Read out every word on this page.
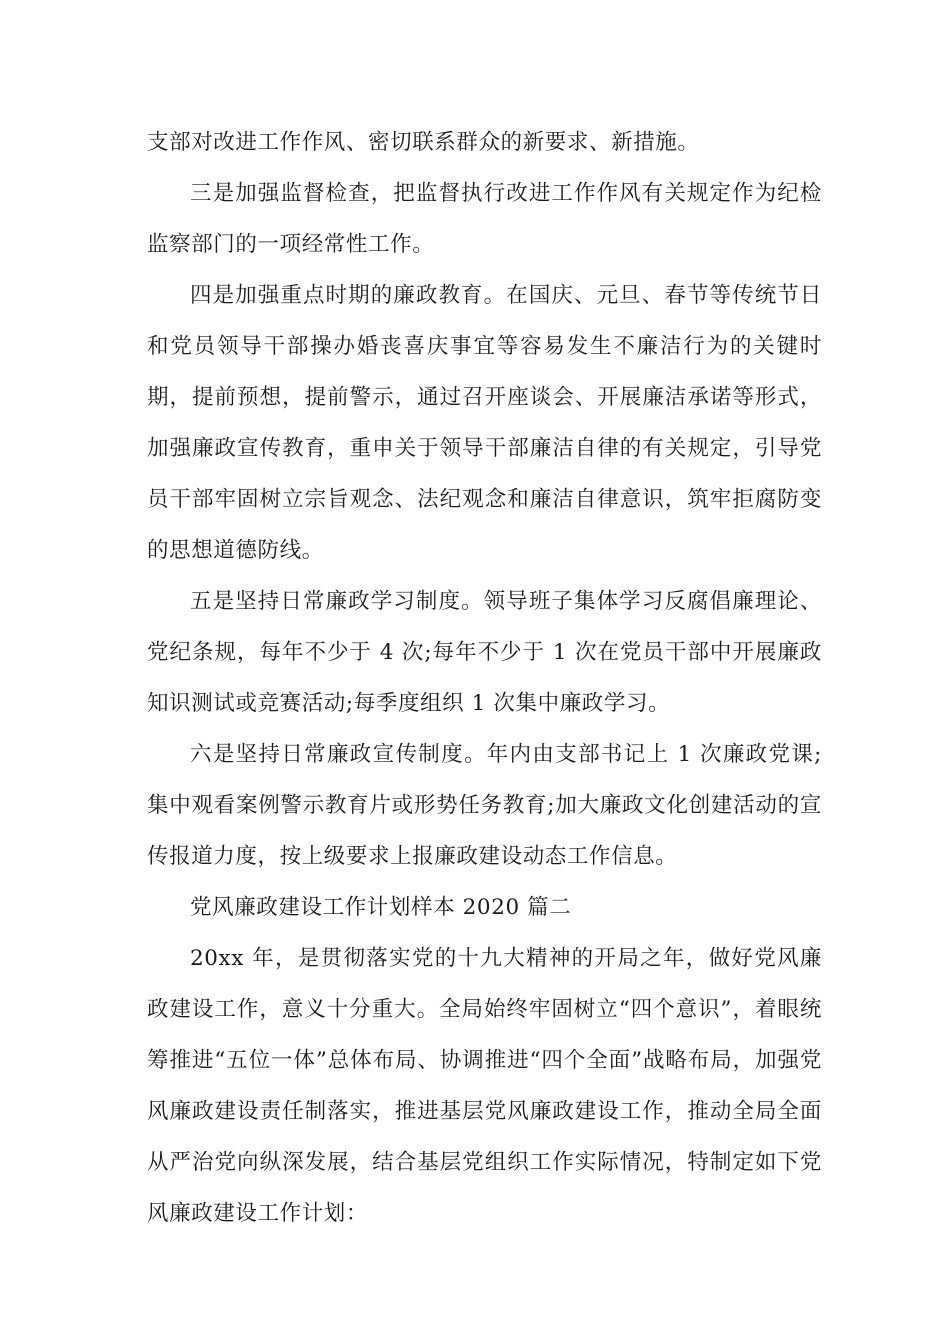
支部对改进工作作风、密切联系群众的新要求、新措施。

三是加强监督检查，把监督执行改进工作作风有关规定作为纪检监察部门的一项经常性工作。

四是加强重点时期的廉政教育。在国庆、元旦、春节等传统节日和党员领导干部操办婚丧喜庆事宜等容易发生不廉洁行为的关键时期，提前预想，提前警示，通过召开座谈会、开展廉洁承诺等形式，加强廉政宣传教育，重申关于领导干部廉洁自律的有关规定，引导党员干部牢固树立宗旨观念、法纪观念和廉洁自律意识，筑牢拒腐防变的思想道德防线。

五是坚持日常廉政学习制度。领导班子集体学习反腐倡廉理论、党纪条规，每年不少于 4 次;每年不少于 1 次在党员干部中开展廉政知识测试或竞赛活动;每季度组织 1 次集中廉政学习。

六是坚持日常廉政宣传制度。年内由支部书记上 1 次廉政党课;集中观看案例警示教育片或形势任务教育;加大廉政文化创建活动的宣传报道力度，按上级要求上报廉政建设动态工作信息。

党风廉政建设工作计划样本 2020 篇二

20xx 年，是贯彻落实党的十九大精神的开局之年，做好党风廉政建设工作，意义十分重大。全局始终牢固树立“四个意识”，着眼统筹推进“五位一体”总体布局、协调推进“四个全面”战略布局，加强党风廉政建设责任制落实，推进基层党风廉政建设工作，推动全局全面从严治党向纵深发展，结合基层党组织工作实际情况，特制定如下党风廉政建设工作计划：
